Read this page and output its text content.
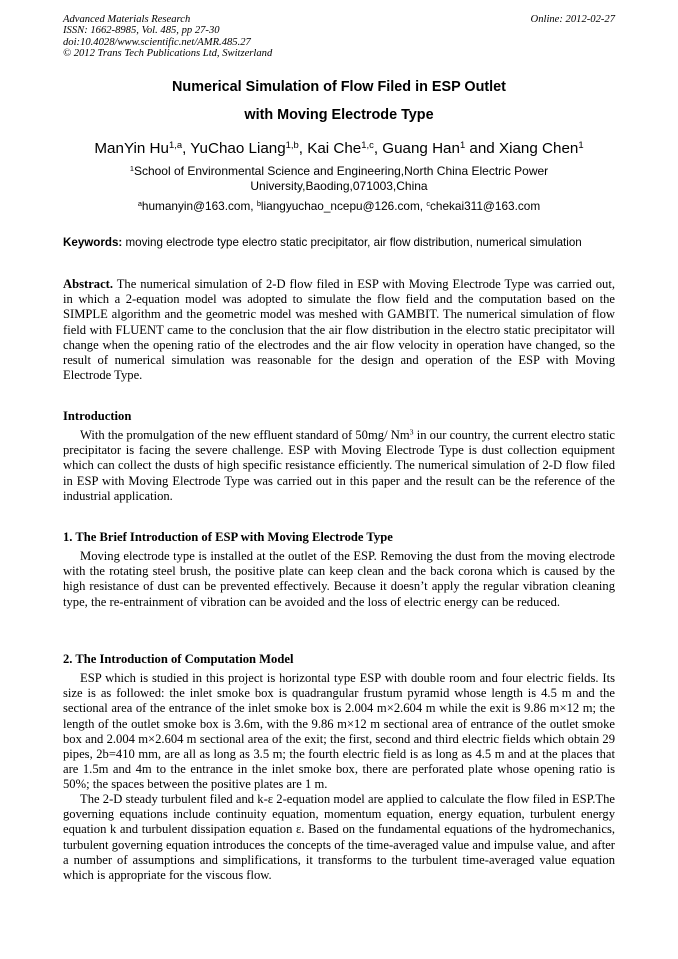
Advanced Materials Research
ISSN: 1662-8985, Vol. 485, pp 27-30
doi:10.4028/www.scientific.net/AMR.485.27
© 2012 Trans Tech Publications Ltd, Switzerland
Online: 2012-02-27
Numerical Simulation of Flow Filed in ESP Outlet
with Moving Electrode Type
ManYin Hu$^{1,a}$, YuChao Liang$^{1,b}$, Kai Che$^{1,c}$, Guang Han$^1$ and Xiang Chen$^1$
$^1$School of Environmental Science and Engineering,North China Electric Power
University,Baoding,071003,China
$^a$humanyin@163.com, $^b$liangyuchao_ncepu@126.com, $^c$chekai311@163.com
Keywords: moving electrode type electro static precipitator, air flow distribution, numerical simulation
Abstract. The numerical simulation of 2-D flow filed in ESP with Moving Electrode Type was carried out, in which a 2-equation model was adopted to simulate the flow field and the computation based on the SIMPLE algorithm and the geometric model was meshed with GAMBIT. The numerical simulation of flow field with FLUENT came to the conclusion that the air flow distribution in the electro static precipitator will change when the opening ratio of the electrodes and the air flow velocity in operation have changed, so the result of numerical simulation was reasonable for the design and operation of the ESP with Moving Electrode Type.
Introduction
With the promulgation of the new effluent standard of 50mg/ Nm$^3$ in our country, the current electro static precipitator is facing the severe challenge. ESP with Moving Electrode Type is dust collection equipment which can collect the dusts of high specific resistance efficiently. The numerical simulation of 2-D flow filed in ESP with Moving Electrode Type was carried out in this paper and the result can be the reference of the industrial application.
1. The Brief Introduction of ESP with Moving Electrode Type
Moving electrode type is installed at the outlet of the ESP. Removing the dust from the moving electrode with the rotating steel brush, the positive plate can keep clean and the back corona which is caused by the high resistance of dust can be prevented effectively. Because it doesn’t apply the regular vibration cleaning type, the re-entrainment of vibration can be avoided and the loss of electric energy can be reduced.
2. The Introduction of Computation Model
ESP which is studied in this project is horizontal type ESP with double room and four electric fields. Its size is as followed: the inlet smoke box is quadrangular frustum pyramid whose length is 4.5 m and the sectional area of the entrance of the inlet smoke box is 2.004 m×2.604 m while the exit is 9.86 m×12 m; the length of the outlet smoke box is 3.6m, with the 9.86 m×12 m sectional area of entrance of the outlet smoke box and 2.004 m×2.604 m sectional area of the exit; the first, second and third electric fields which obtain 29 pipes, 2b=410 mm, are all as long as 3.5 m; the fourth electric field is as long as 4.5 m and at the places that are 1.5m and 4m to the entrance in the inlet smoke box, there are perforated plate whose opening ratio is 50%; the spaces between the positive plates are 1 m.
The 2-D steady turbulent filed and k-ε 2-equation model are applied to calculate the flow filed in ESP.The governing equations include continuity equation, momentum equation, energy equation, turbulent energy equation k and turbulent dissipation equation ε. Based on the fundamental equations of the hydromechanics, turbulent governing equation introduces the concepts of the time-averaged value and impulse value, and after a number of assumptions and simplifications, it transforms to the turbulent time-averaged value equation which is appropriate for the viscous flow.
